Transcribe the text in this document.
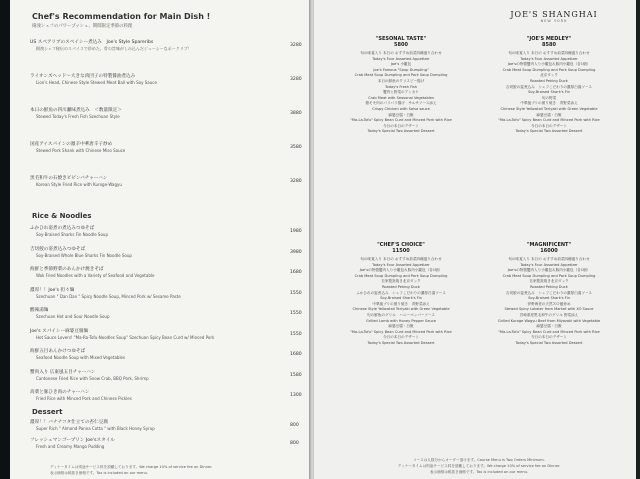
Chef's Recommendation for Main Dish !
揚洩シェフのパワープッシュ、期間限定季節の料理
US スペアリブのスペイシー煮込み　Joe's Style Spareribs
3280
揚洩シェフ秘伝のスパイスで炒めた、骨の旨味がしみ込んだジューシーなポークリブ！
ライオンズヘッド～大きな肉団子の特製醤油煮込み
3280
Lion's Head, Chinese Style Stewed Meat Ball with Soy Sauce
本日の鮮魚の四川瀬味煮込み　＜数量限定＞
3880
Stewed Today's Fresh Fish Szechuan Style
国産アイスパインの激辛中華唐辛子炒め
3580
Stewed Pork Shank with Chinese Miso Sauce
黒毛和牛の石焼きビビンバチャーハン
3280
Korean Style Fried Rice with Kuroge-Wagyu
Rice & Noodles
ふかひれ姿煮の煮込みつゆそば
1980
Soy-Braised Sharks Fin Noodle Soup
吉切鮫の姿煮込みつゆそば
3980
Soy-Braised Whole Blue Sharks Fin Noodle Soup
海鮮と季節野菜のあんかけ焼きそば
1680
Wok Fried Noodles with a Variety of Seafood and Vegetable
濃厚！！Joe's 担々麺
1550
Szechuan " Dan Dan " Spicy Noodle Soup, Minced Pork w/ Sesame Paste
酸辣湯麺
1550
Szechuan Hot and Sour Noodle Soup
Joe's スパイシー麻婆豆腐麺
1550
Hot Sauce Lovers! "Ma-Ra-Tofu-Noodles Soup" Szechuan Spicy Bean Curd w/ Minced Pork
海鮮五目あんかけつゆそば
1680
Seafood Noodle Soup with Mixed Vegetables
蟹肉入り 広東風五目チャーハン
1580
Cantonese Fried Rice with Snow Crab, BBQ Pork, Shrimp
高菜と豚ひき肉のチャーハン
1300
Fried Rice with Minced Pork and Chinese Pickles
Dessert
濃厚！！バナナコタ仕立ての杏仁豆腐
800
Super Rich " Almond Panna Cotta " with Black Honey Syrup
フレッシュマンゴープリン Joe'sスタイル
800
Fresh and Creamy Mango Pudding
ディナータイムは別途サービス料を頂戴しております。We charge 10% of service fee on Dinner.
表示価格は税抜き価格です。Tax is included on our menu.
JOE'S SHANGHAI
NEW YORK
"SESONAL TASTE"
5800
旬の味覚入り 本日の おすすめ前菜四種盛り合わせ
Today's Four Assorted Appetizer
Joe's 小籠包
Joe's Famous "Soup Dumpling"
Crab Meat Soup Dumpling and Pork Soup Dumpling
本日の鮮魚のクリスピー揚げ
Today's Fresh Fish
蟹肉と野菜のアンカケ
Crab Meat with Seasonal Vegetables
鶏モモ肉のパリパリ揚げ　サルサソース添え
Crispy Chicken with Salsa sauce
麻婆豆腐・白飯
"Ma-La-Tofu" Spicy Bean Curd and Minced Pork with Rice
今日の本日のデザート
Today's Special Two Assorted Dessert
"JOE'S MEDLEY"
8580
旬の味覚入り 本日の おすすめ前菜四種盛り合わせ
Today's Four Assorted Appetizer
Joe'sの特製蟹肉入り小籠包＆豚肉小籠包（各1個）
Crab Meat Soup Dumpling and Pork Soup Dumpling
北京ダック
Roasted Peking Duck
吉切鮫の姿煮込み　シェフこだわりの濃厚白湯ソース
Soy-Braised Shark's Fin
旬の野菜
中華風ブリの照り焼き　青野菜添え
Chinese Style Yellowtail Teriyaki with Green Vegetable
麻婆豆腐・白飯
"Ma-La-Tofu" Spicy Bean Curd and Minced Pork with Rice
今日の本日のデザート
Today's Special Two Assorted Dessert
"CHEF'S CHOICE"
11500
旬の味覚入り 本日の おすすめ前菜四種盛り合わせ
Today's Four Assorted Appetizer
Joe'sの特製蟹肉入り小籠包＆豚肉小籠包（各1個）
Crab Meat Soup Dumpling and Pork Soup Dumpling
自家製窯焼き北京ダック
Roasted Peking Duck
ふかひれの姿煮込み　シェフこだわりの濃厚白湯ソース
Soy-Braised Shark's Fin
中華風ブリの照り焼き　青野菜添え
Chinese Style Yellowtail Teriyaki with Green Vegetable
旬の鮮魚のグリル　ハニーペッパーソース
Grilled Lamb with Honey Pepper Sauce
麻婆豆腐・白飯
"Ma-La-Tofu" Spicy Bean Curd and Minced Pork with Rice
今日の本日のデザート
Today's Special Two Assorted Dessert
"MAGNIFICENT"
16000
旬の味覚入り 本日の おすすめ前菜四種盛り合わせ
Today's Four Assorted Appetizer
Joe'sの特製蟹肉入り小籠包＆豚肉小籠包（各1個）
Crab Meat Soup Dumpling and Pork Soup Dumpling
自家製窯焼き北京ダック
Roasted Peking Duck
吉切鮫の姿煮込み　シェフこだわりの濃厚白湯ソース
Soy-Braised Shark's Fin
伊勢海老の天然ＸＯ醤炒め
Stewed Spiny Lobster from Market with XO Sauce
宮崎県産黒毛和牛のグリル 野菜添え
Grilled Kuroge Wagyu Beef from Miyazaki with Vegetable
麻婆豆腐・白飯
"Ma-La-Tofu" Spicy Bean Curd and Minced Pork with Rice
今日の本日のデザート
Today's Special Two Assorted Dessert
コースは人数分からオーダー頂けます。Course Menu is Two Orders Minimum.
ディナータイムは別途サービス料を頂戴しております。We charge 10% of service fee on Dinner.
表示価格は税抜き価格です。Tax is included on our menu.
